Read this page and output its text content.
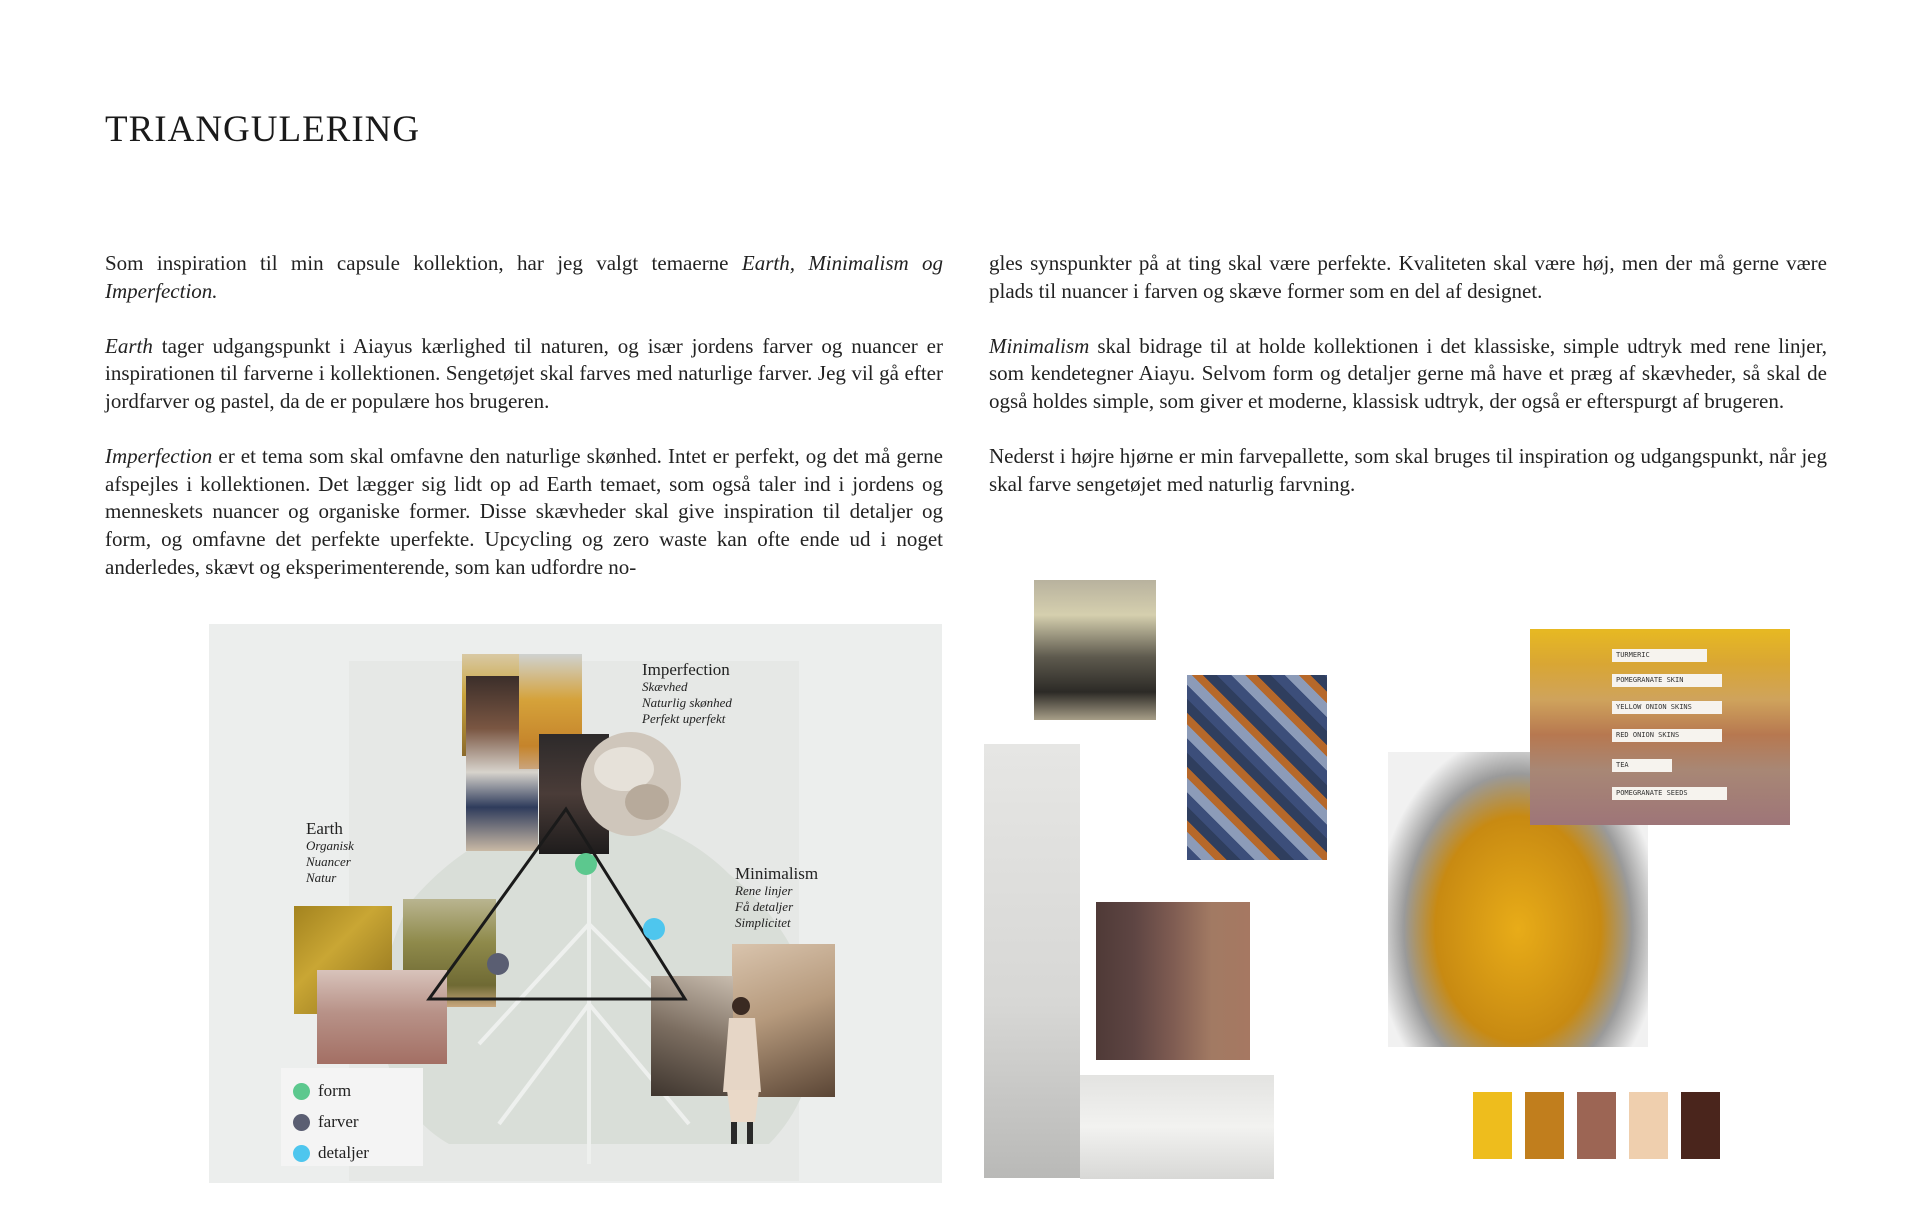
TRIANGULERING

Som inspiration til min capsule kollektion, har jeg valgt temaerne Earth, Minimalism og Imperfection.

Earth tager udgangspunkt i Aiayus kærlighed til naturen, og især jordens farver og nuancer er inspirationen til farverne i kollektionen. Sengetøjet skal farves med naturlige farver. Jeg vil gå efter jordfarver og pastel, da de er populære hos brugeren.

Imperfection er et tema som skal omfavne den naturlige skønhed. Intet er perfekt, og det må gerne afspejles i kollektionen. Det lægger sig lidt op ad Earth temaet, som også taler ind i jordens og menneskets nuancer og organiske former. Disse skævheder skal give inspiration til detaljer og form, og omfavne det perfekte uperfekte. Upcycling og zero waste kan ofte ende ud i noget anderledes, skævt og eksperimenterende, som kan udfordre no-

gles synspunkter på at ting skal være perfekte. Kvaliteten skal være høj, men der må gerne være plads til nuancer i farven og skæve former som en del af designet.

Minimalism skal bidrage til at holde kollektionen i det klassiske, simple udtryk med rene linjer, som kendetegner Aiayu. Selvom form og detaljer gerne må have et præg af skævheder, så skal de også holdes simple, som giver et moderne, klassisk udtryk, der også er efterspurgt af brugeren.

Nederst i højre hjørne er min farvepallette, som skal bruges til inspiration og udgangspunkt, når jeg skal farve sengetøjet med naturlig farvning.

Imperfection
Skævhed
Naturlig skønhed
Perfekt uperfekt
Earth
Organisk
Nuancer
Natur	Minimalism
Rene linjer
Få detaljer
Simplicitet
form
farver
detaljer
TURMERIC
POMEGRANATE SKIN
YELLOW ONION SKINS
RED ONION SKINS
TEA
POMEGRANATE SEEDS
